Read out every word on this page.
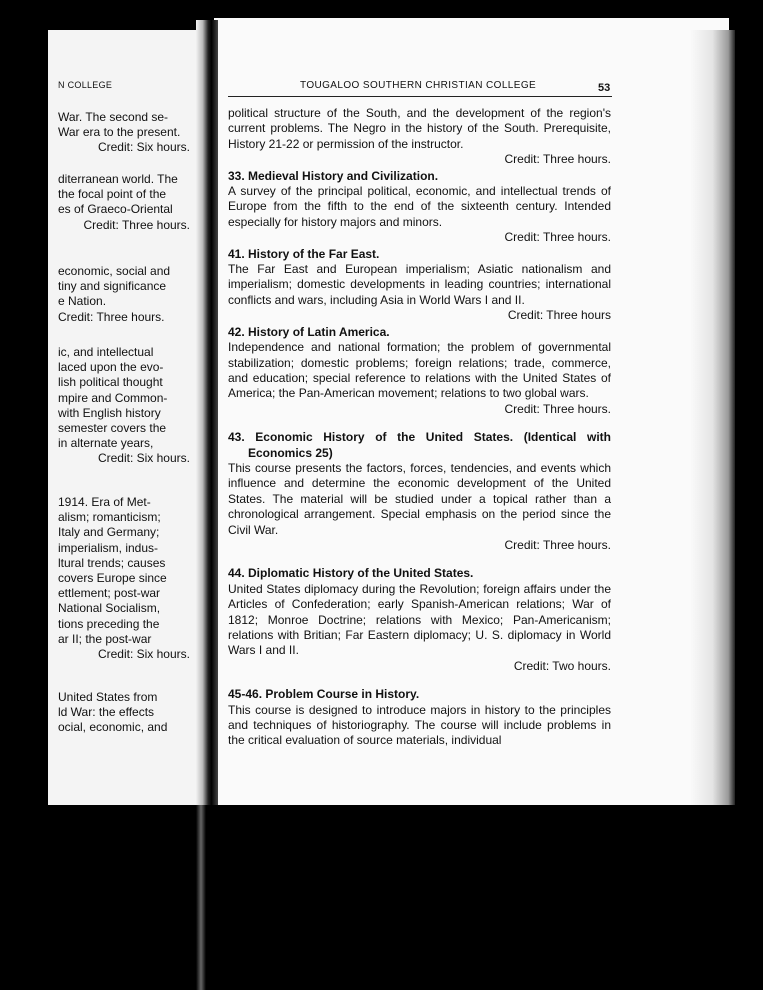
N COLLEGE
War. The second se-
War era to the present.
Credit: Six hours.
diterranean world. The
the focal point of the
es of Graeco-Oriental
Credit: Three hours.
economic, social and
tiny and significance
e Nation.
Credit: Three hours.
ic, and intellectual
laced upon the evo-
lish political thought
mpire and Common-
with English history
semester covers the
in alternate years,
Credit: Six hours.
1914. Era of Met-
alism; romanticism;
Italy and Germany;
imperialism, indus-
ltural trends; causes
covers Europe since
ettlement; post-war
National Socialism,
tions preceding the
ar II; the post-war
Credit: Six hours.
United States from
ld War: the effects
ocial, economic, and
TOUGALOO SOUTHERN CHRISTIAN COLLEGE	53

political structure of the South, and the development of the region's current problems. The Negro in the history of the South. Prerequisite, History 21-22 or permission of the instructor.

Credit: Three hours.
33. Medieval History and Civilization.

A survey of the principal political, economic, and intellectual trends of Europe from the fifth to the end of the sixteenth century. Intended especially for history majors and minors.

Credit: Three hours.
41. History of the Far East.

The Far East and European imperialism; Asiatic nationalism and imperialism; domestic developments in leading countries; international conflicts and wars, including Asia in World Wars I and II.

Credit: Three hours
42. History of Latin America.

Independence and national formation; the problem of governmental stabilization; domestic problems; foreign relations; trade, commerce, and education; special reference to relations with the United States of America; the Pan-American movement; relations to two global wars.

Credit: Three hours.
43. Economic History of the United States. (Identical with Economics 25)

This course presents the factors, forces, tendencies, and events which influence and determine the economic development of the United States. The material will be studied under a topical rather than a chronological arrangement. Special emphasis on the period since the Civil War.

Credit: Three hours.
44. Diplomatic History of the United States.

United States diplomacy during the Revolution; foreign affairs under the Articles of Confederation; early Spanish-American relations; War of 1812; Monroe Doctrine; relations with Mexico; Pan-Americanism; relations with Britian; Far Eastern diplomacy; U. S. diplomacy in World Wars I and II.

Credit: Two hours.
45-46. Problem Course in History.

This course is designed to introduce majors in history to the principles and techniques of historiography. The course will include problems in the critical evaluation of source materials, individual
